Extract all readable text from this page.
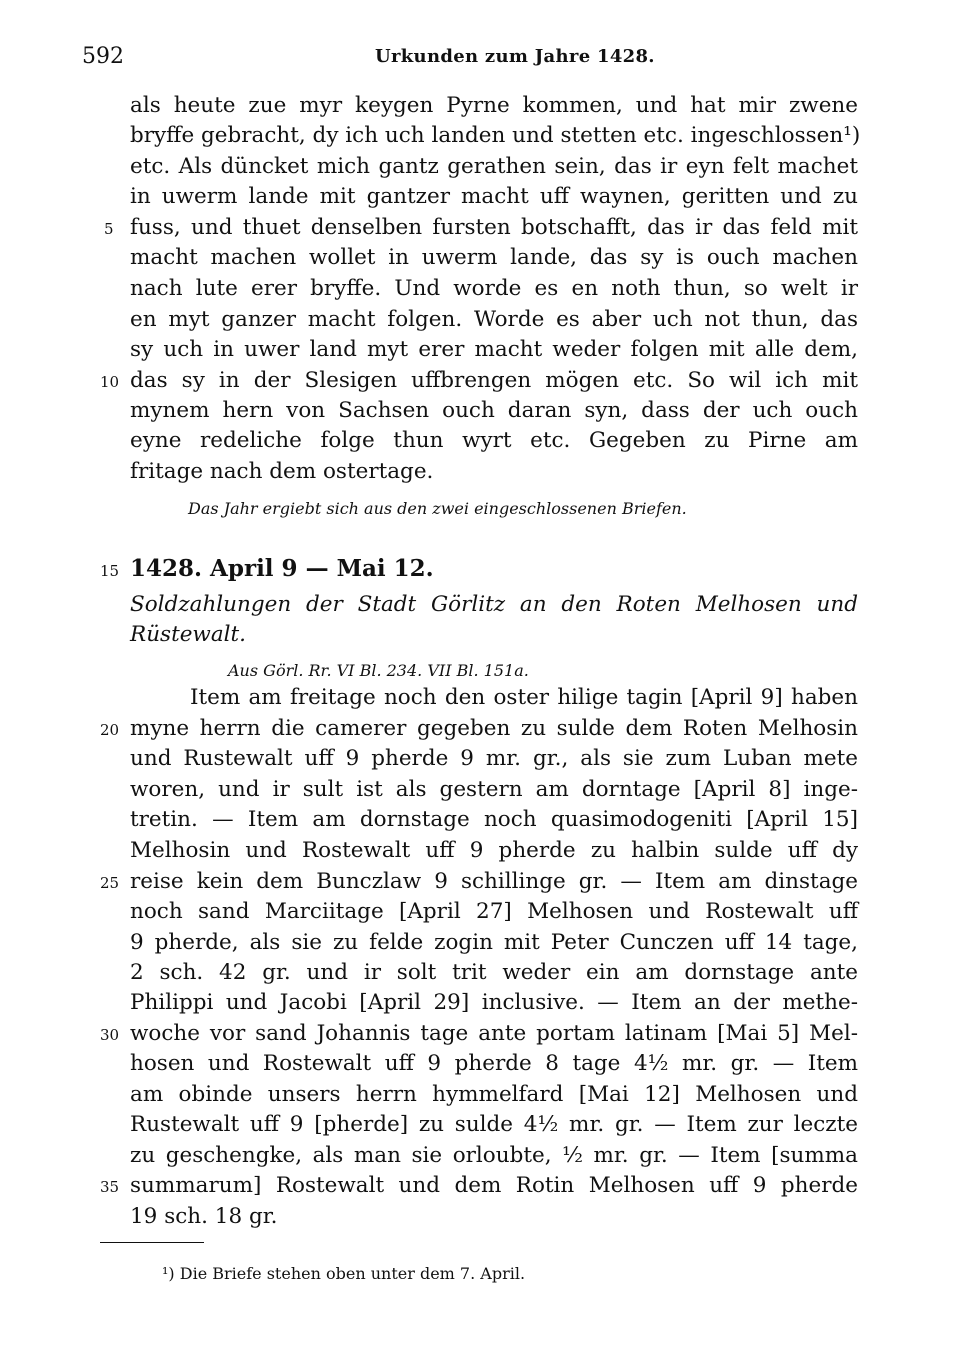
592	Urkunden zum Jahre 1428.
als heute zue myr keygen Pyrne kommen, und hat mir zwene
bryffe gebracht, dy ich uch landen und stetten etc. ingeschlossen¹)
etc. Als düncket mich gantz gerathen sein, das ir eyn felt machet
in uwerm lande mit gantzer macht uff waynen, geritten und zu
fuss, und thuet denselben fursten botschafft, das ir das feld mit
macht machen wollet in uwerm lande, das sy is ouch machen
nach lute erer bryffe. Und worde es en noth thun, so welt ir
en myt ganzer macht folgen. Worde es aber uch not thun, das
sy uch in uwer land myt erer macht weder folgen mit alle dem,
das sy in der Slesigen uffbrengen mögen etc. So wil ich mit
mynem hern von Sachsen ouch daran syn, dass der uch ouch
eyne redeliche folge thun wyrt etc. Gegeben zu Pirne am
fritage nach dem ostertage.
Das Jahr ergiebt sich aus den zwei eingeschlossenen Briefen.
1428. April 9 — Mai 12.
Soldzahlungen der Stadt Görlitz an den Roten Melhosen und
Rüstewalt.
Aus Görl. Rr. VI Bl. 234. VII Bl. 151a.
Item am freitage noch den oster hilige tagin [April 9] haben
myne herrn die camerer gegeben zu sulde dem Roten Melhosin
und Rustewalt uff 9 pherde 9 mr. gr., als sie zum Luban mete
woren, und ir sult ist als gestern am dorntage [April 8] inge-
tretin. — Item am dornstage noch quasimodogeniti [April 15]
Melhosin und Rostewalt uff 9 pherde zu halbin sulde uff dy
reise kein dem Bunczlaw 9 schillinge gr. — Item am dinstage
noch sand Marciitage [April 27] Melhosen und Rostewalt uff
9 pherde, als sie zu felde zogin mit Peter Cunczen uff 14 tage,
2 sch. 42 gr. und ir solt trit weder ein am dornstage ante
Philippi und Jacobi [April 29] inclusive. — Item an der methe-
woche vor sand Johannis tage ante portam latinam [Mai 5] Mel-
hosen und Rostewalt uff 9 pherde 8 tage 4½ mr. gr. — Item
am obinde unsers herrn hymmelfard [Mai 12] Melhosen und
Rustewalt uff 9 [pherde] zu sulde 4½ mr. gr. — Item zur leczte
zu geschengke, als man sie orloubte, ½ mr. gr. — Item [summa
summarum] Rostewalt und dem Rotin Melhosen uff 9 pherde
19 sch. 18 gr.
5
10
15
20
25
30
35
¹) Die Briefe stehen oben unter dem 7. April.
